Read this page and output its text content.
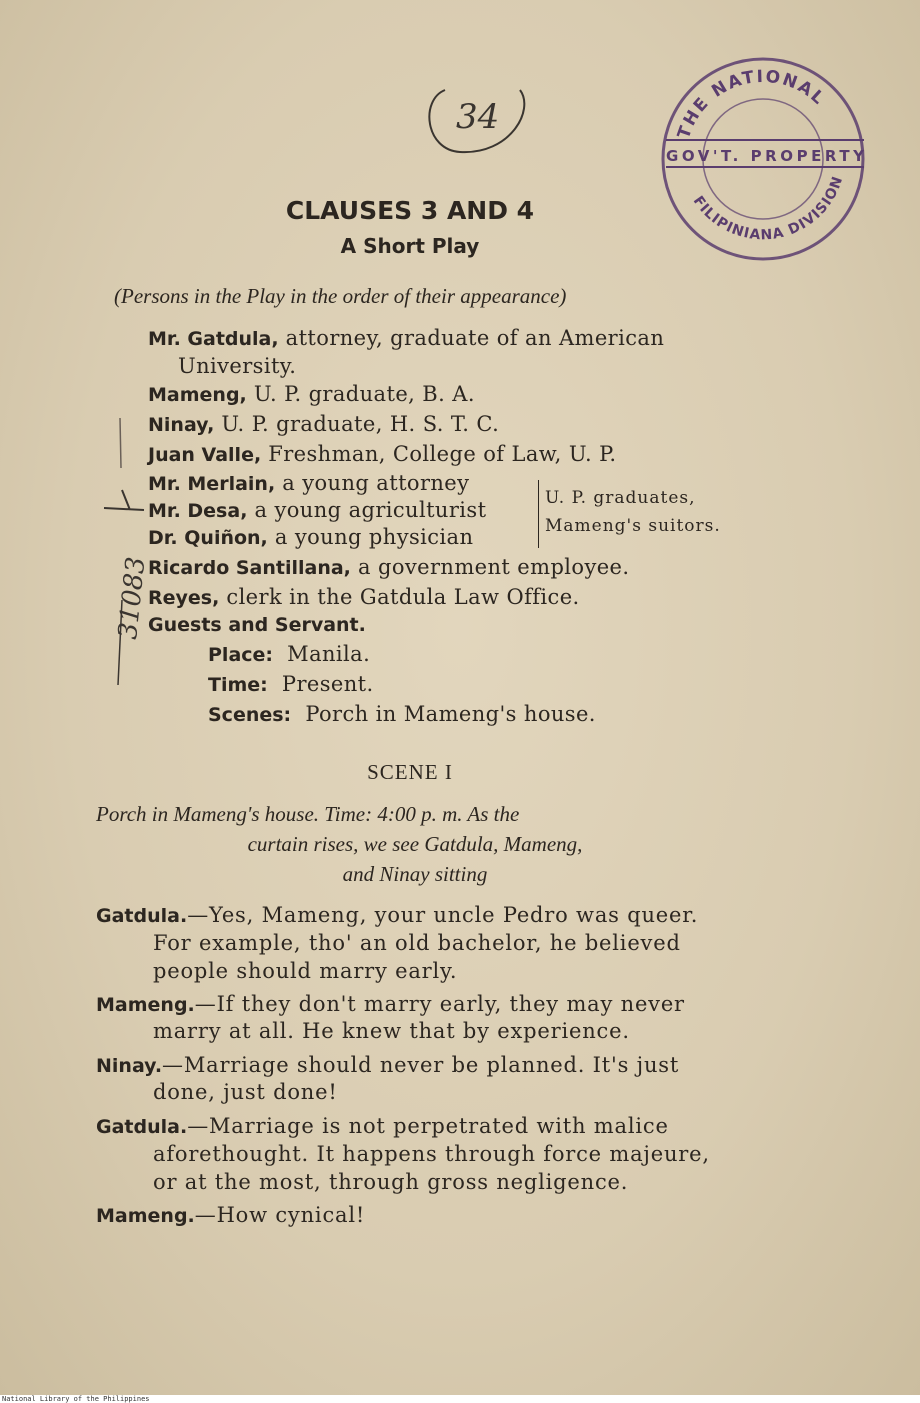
34	THE NATIONAL
GOV'T. PROPERTY
FILIPINIANA DIVISION
CLAUSES 3 AND 4
A Short Play
(Persons in the Play in the order of their appearance)
Mr. Gatdula, attorney, graduate of an American
University.
Mameng, U. P. graduate, B. A.
Ninay, U. P. graduate, H. S. T. C.
Juan Valle, Freshman, College of Law, U. P.
Mr. Merlain, a young attorney
Mr. Desa, a young agriculturist
Dr. Quiñon, a young physician
Ricardo Santillana, a government employee.
Reyes, clerk in the Gatdula Law Office.
Guests and Servant.
U. P. graduates,
Mameng's suitors.
Place: Manila.
Time: Present.
Scenes: Porch in Mameng's house.
SCENE I
Porch in Mameng's house. Time: 4:00 p. m. As the
curtain rises, we see Gatdula, Mameng,
and Ninay sitting
Gatdula.—Yes, Mameng, your uncle Pedro was queer.
For example, tho' an old bachelor, he believed
people should marry early.
Mameng.—If they don't marry early, they may never
marry at all. He knew that by experience.
Ninay.—Marriage should never be planned. It's just
done, just done!
Gatdula.—Marriage is not perpetrated with malice
aforethought. It happens through force majeure,
or at the most, through gross negligence.
Mameng.—How cynical!
31083
National Library of the Philippines
